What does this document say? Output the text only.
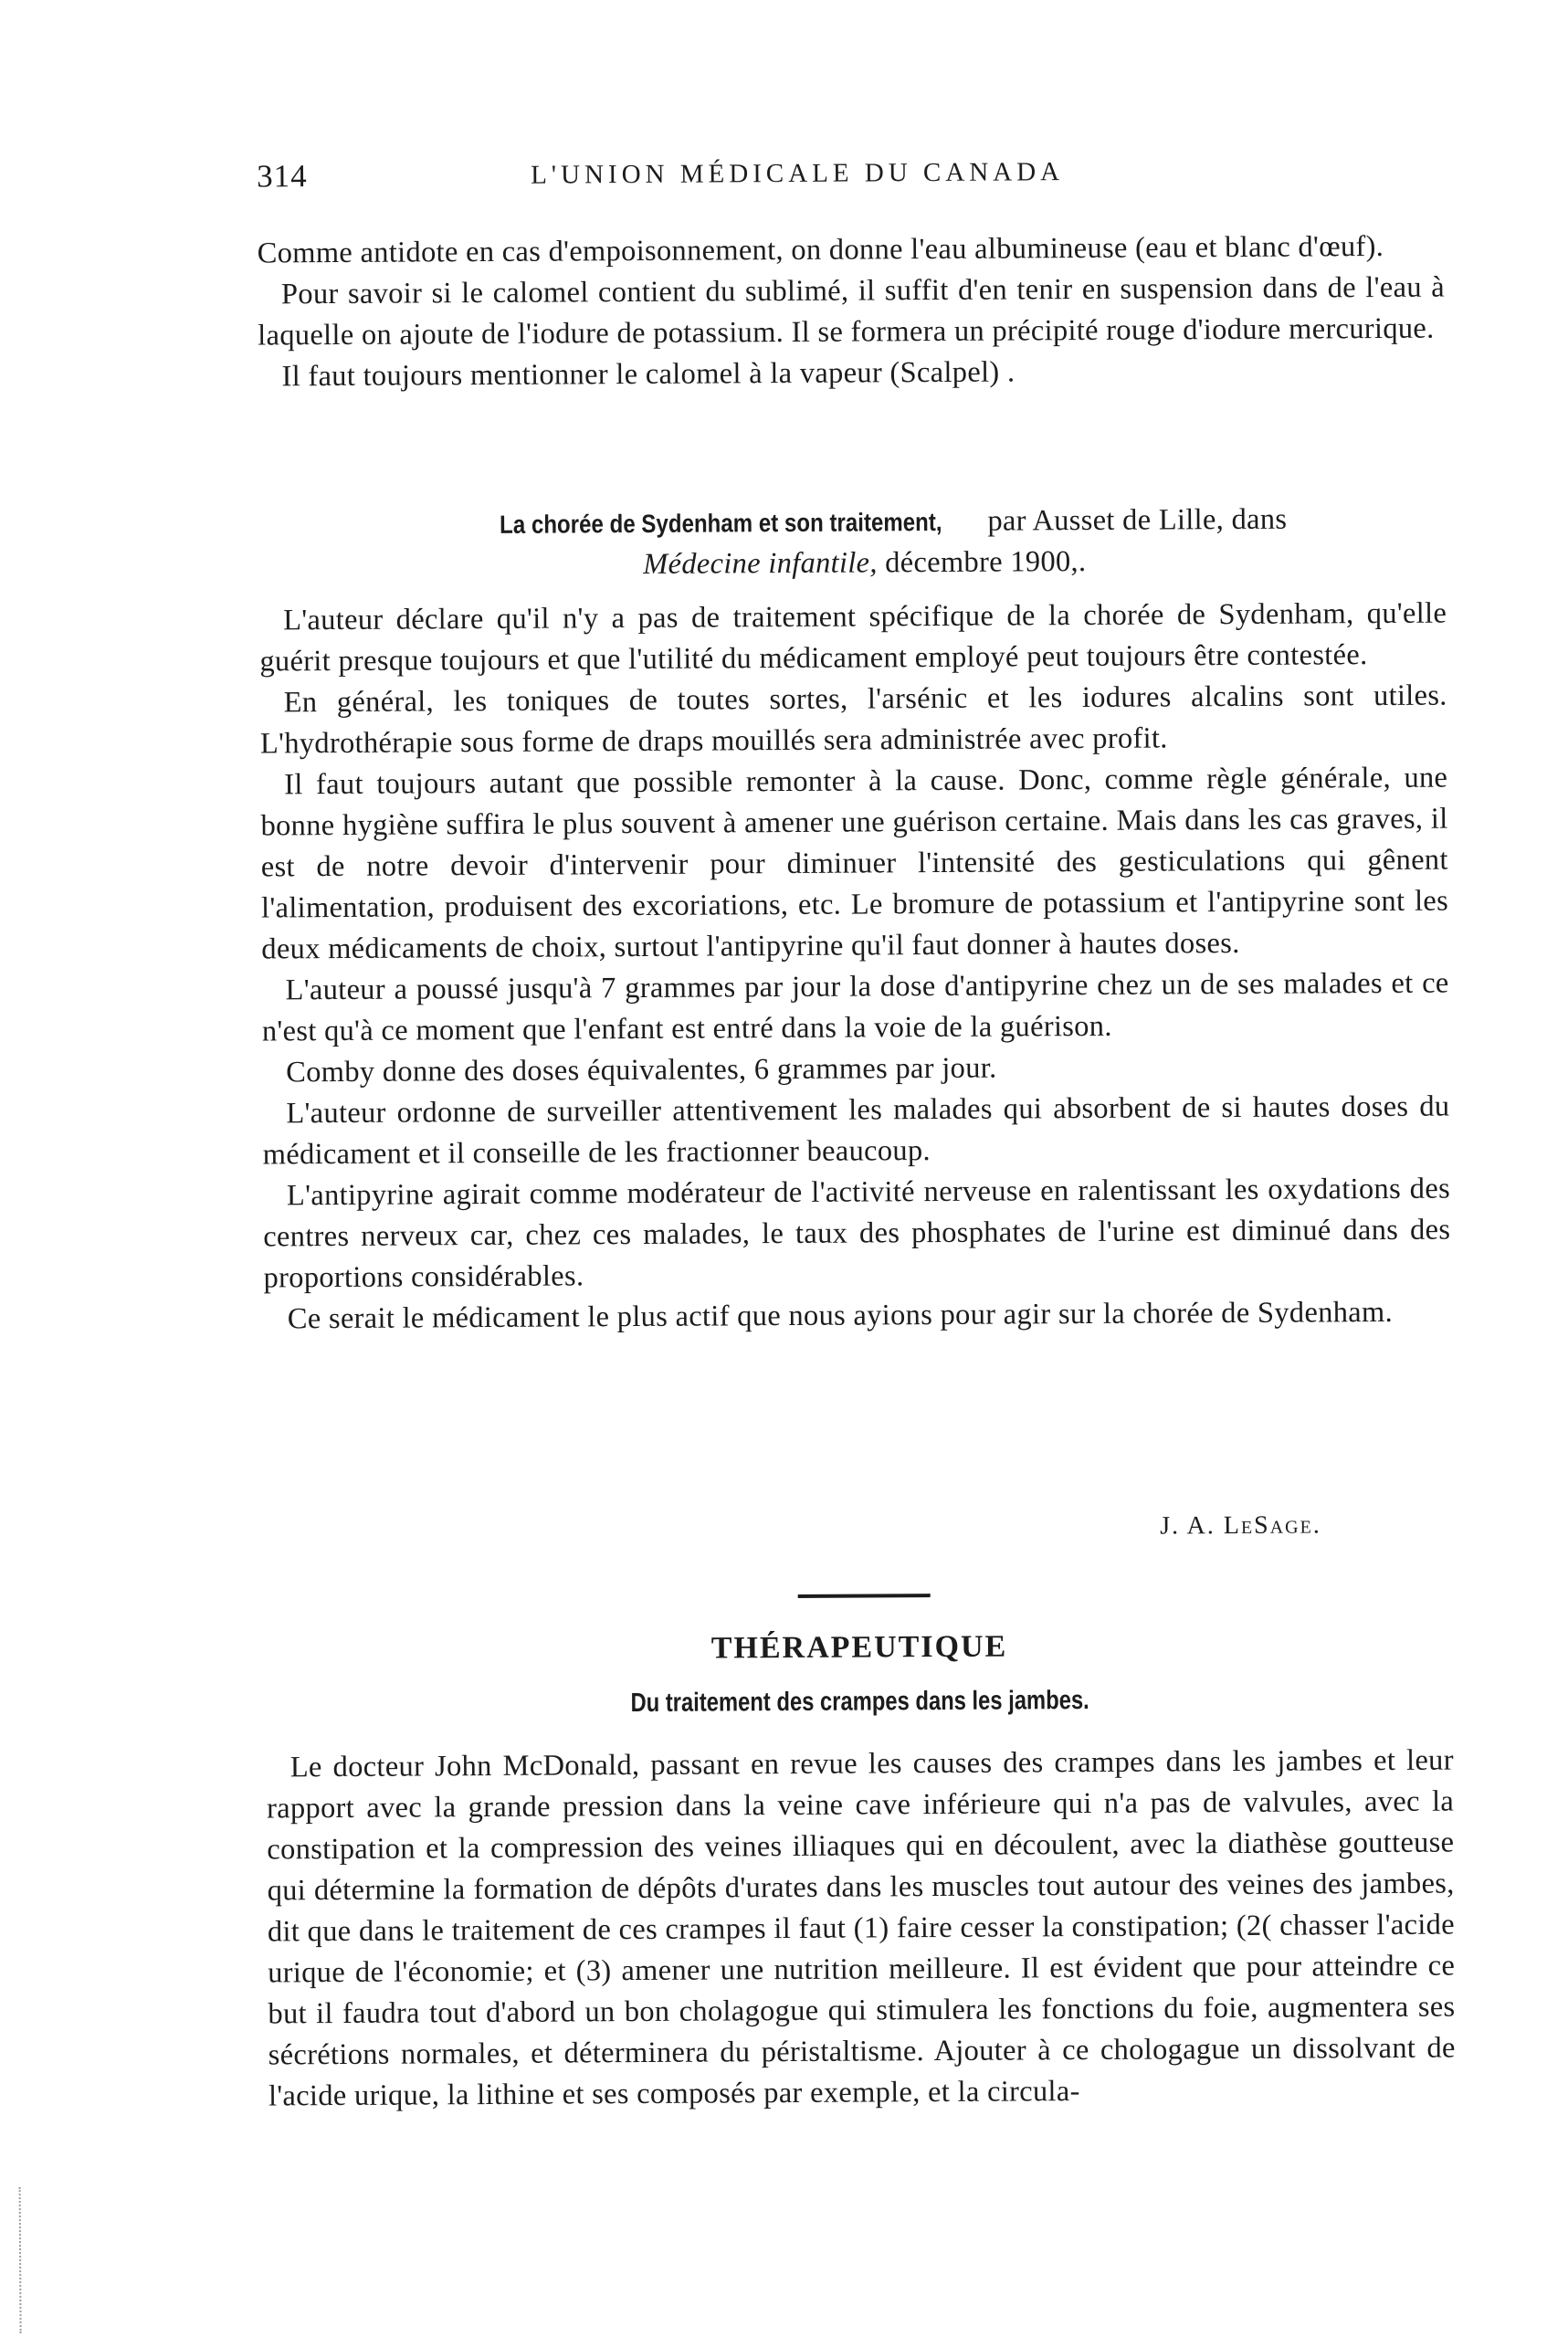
314	L'UNION MÉDICALE DU CANADA

Comme antidote en cas d'empoisonnement, on donne l'eau albumineuse (eau et blanc d'œuf).

Pour savoir si le calomel contient du sublimé, il suffit d'en tenir en suspension dans de l'eau à laquelle on ajoute de l'iodure de potassium. Il se formera un précipité rouge d'iodure mercurique.

Il faut toujours mentionner le calomel à la vapeur (Scalpel) .

La chorée de Sydenham et son traitement, par Ausset de Lille, dans

Médecine infantile, décembre 1900,.

L'auteur déclare qu'il n'y a pas de traitement spécifique de la chorée de Sydenham, qu'elle guérit presque toujours et que l'utilité du médicament employé peut toujours être contestée.

En général, les toniques de toutes sortes, l'arsénic et les iodures alcalins sont utiles. L'hydrothérapie sous forme de draps mouillés sera administrée avec profit.

Il faut toujours autant que possible remonter à la cause. Donc, comme règle générale, une bonne hygiène suffira le plus souvent à amener une guérison certaine. Mais dans les cas graves, il est de notre devoir d'intervenir pour diminuer l'intensité des gesticulations qui gênent l'alimentation, produisent des excoriations, etc. Le bromure de potassium et l'antipyrine sont les deux médicaments de choix, surtout l'antipyrine qu'il faut donner à hautes doses.

L'auteur a poussé jusqu'à 7 grammes par jour la dose d'antipyrine chez un de ses malades et ce n'est qu'à ce moment que l'enfant est entré dans la voie de la guérison.

Comby donne des doses équivalentes, 6 grammes par jour.

L'auteur ordonne de surveiller attentivement les malades qui absorbent de si hautes doses du médicament et il conseille de les fractionner beaucoup.

L'antipyrine agirait comme modérateur de l'activité nerveuse en ralentissant les oxydations des centres nerveux car, chez ces malades, le taux des phosphates de l'urine est diminué dans des proportions considérables.

Ce serait le médicament le plus actif que nous ayions pour agir sur la chorée de Sydenham.

J. A. LeSage.
THÉRAPEUTIQUE
Du traitement des crampes dans les jambes.

Le docteur John McDonald, passant en revue les causes des crampes dans les jambes et leur rapport avec la grande pression dans la veine cave inférieure qui n'a pas de valvules, avec la constipation et la compression des veines illiaques qui en découlent, avec la diathèse goutteuse qui détermine la formation de dépôts d'urates dans les muscles tout autour des veines des jambes, dit que dans le traitement de ces crampes il faut (1) faire cesser la constipation; (2( chasser l'acide urique de l'économie; et (3) amener une nutrition meilleure. Il est évident que pour atteindre ce but il faudra tout d'abord un bon cholagogue qui stimulera les fonctions du foie, augmentera ses sécrétions normales, et déterminera du péristaltisme. Ajouter à ce chologague un dissolvant de l'acide urique, la lithine et ses composés par exemple, et la circula-
